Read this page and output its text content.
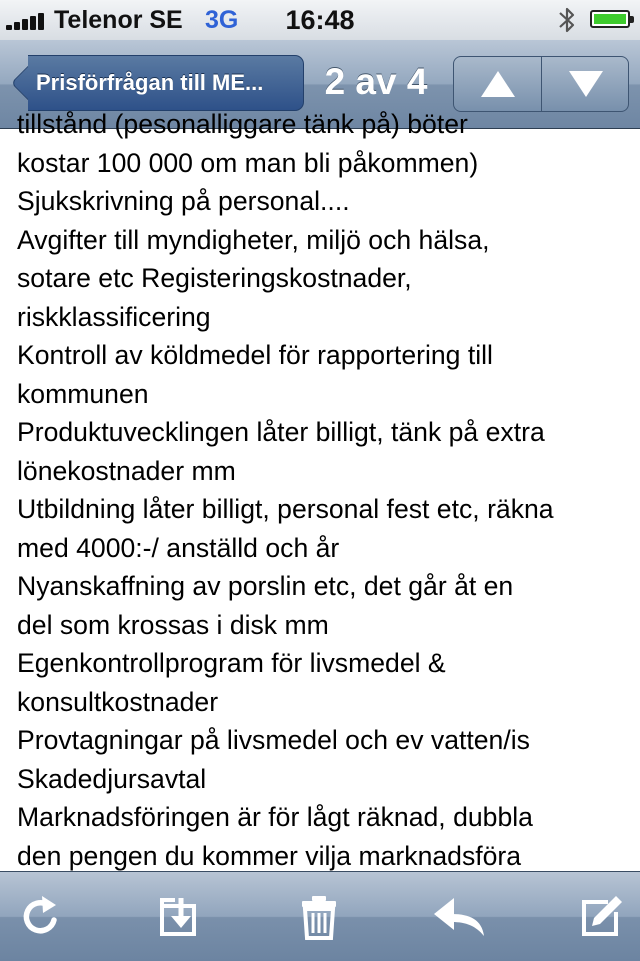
Telenor SE 3G	16:48
Prisförfrågan till ME...	2 av 4
tillstånd (pesonalliggare tänk på) böter
kostar 100 000 om man bli påkommen)
Sjukskrivning på personal....
Avgifter till myndigheter, miljö och hälsa,
sotare etc Registeringskostnader,
riskklassificering
Kontroll av köldmedel för rapportering till
kommunen
Produktuvecklingen låter billigt, tänk på extra
lönekostnader mm
Utbildning låter billigt, personal fest etc, räkna
med 4000:-/ anställd och år
Nyanskaffning av porslin etc, det går åt en
del som krossas i disk mm
Egenkontrollprogram för livsmedel &
konsultkostnader
Provtagningar på livsmedel och ev vatten/is
Skadedjursavtal
Marknadsföringen är för lågt räknad, dubbla
den pengen du kommer vilja marknadsföra
